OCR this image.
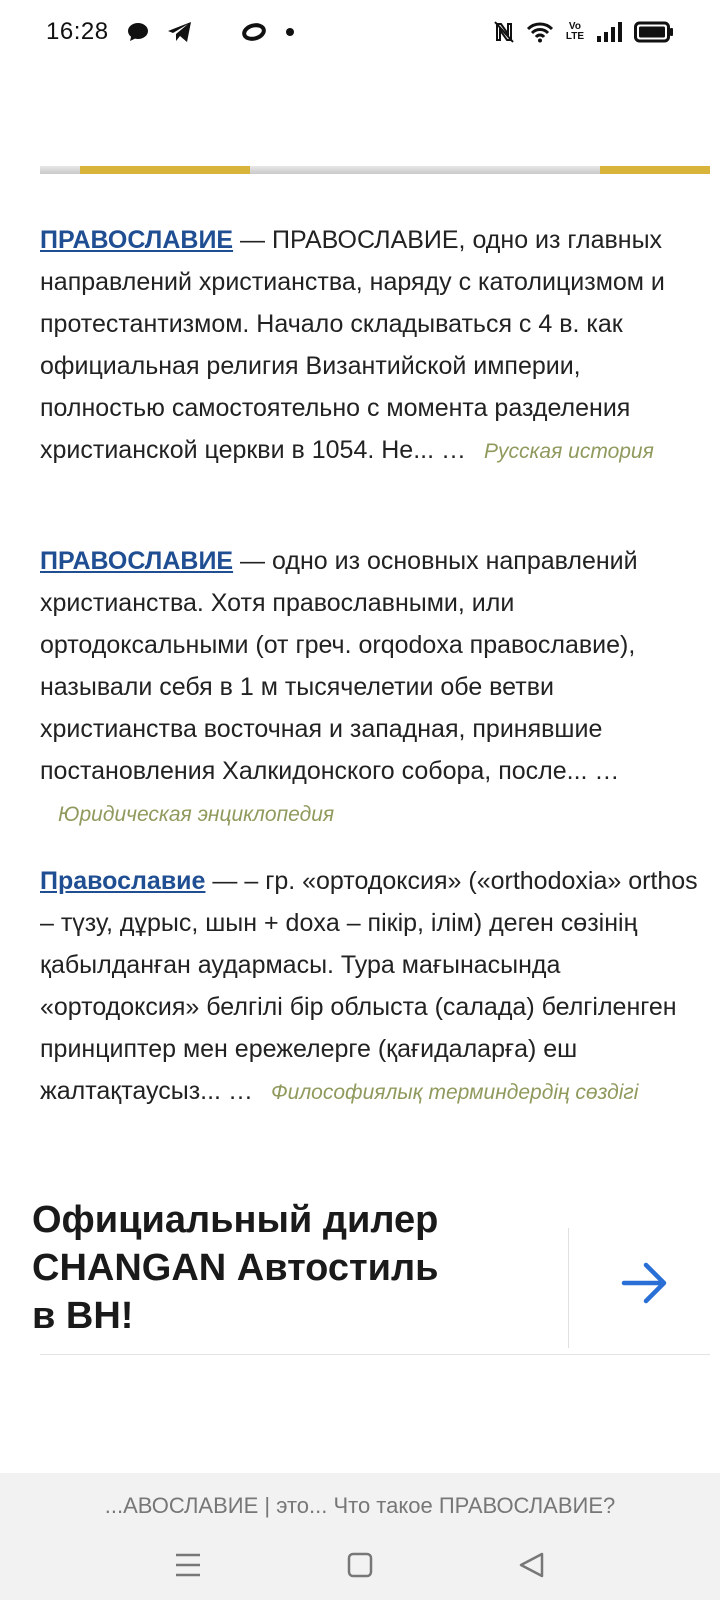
16:28	Vo
LTE
ПРАВОСЛАВИЕ — ПРАВОСЛАВИЕ, одно из главных направлений христианства, наряду с католицизмом и протестантизмом. Начало складываться с 4 в. как официальная религия Византийской империи, полностью самостоятельно с момента разделения христианской церкви в 1054. Не... … Русская история
ПРАВОСЛАВИЕ — одно из основных направлений христианства. Хотя православными, или ортодоксальными (от греч. orqodoxa православие), называли себя в 1 м тысячелетии обе ветви христианства восточная и западная, принявшие постановления Халкидонского собора, после... …Юридическая энциклопедия
Православие — – гр. «ортодоксия» («orthodoxia» orthos – түзу, дұрыс, шын + doxa – пікір, ілім) деген сөзінің қабылданған аудармасы. Тура мағынасында «ортодоксия» белгілі бір облыста (салада) белгіленген принциптер мен ережелерге (қағидаларға) еш жалтақтаусыз... … Философиялық терминдердің сөздігі
Официальный дилер
CHANGAN Автостиль
в ВН!
...АВОСЛАВИЕ | это... Что такое ПРАВОСЛАВИЕ?
